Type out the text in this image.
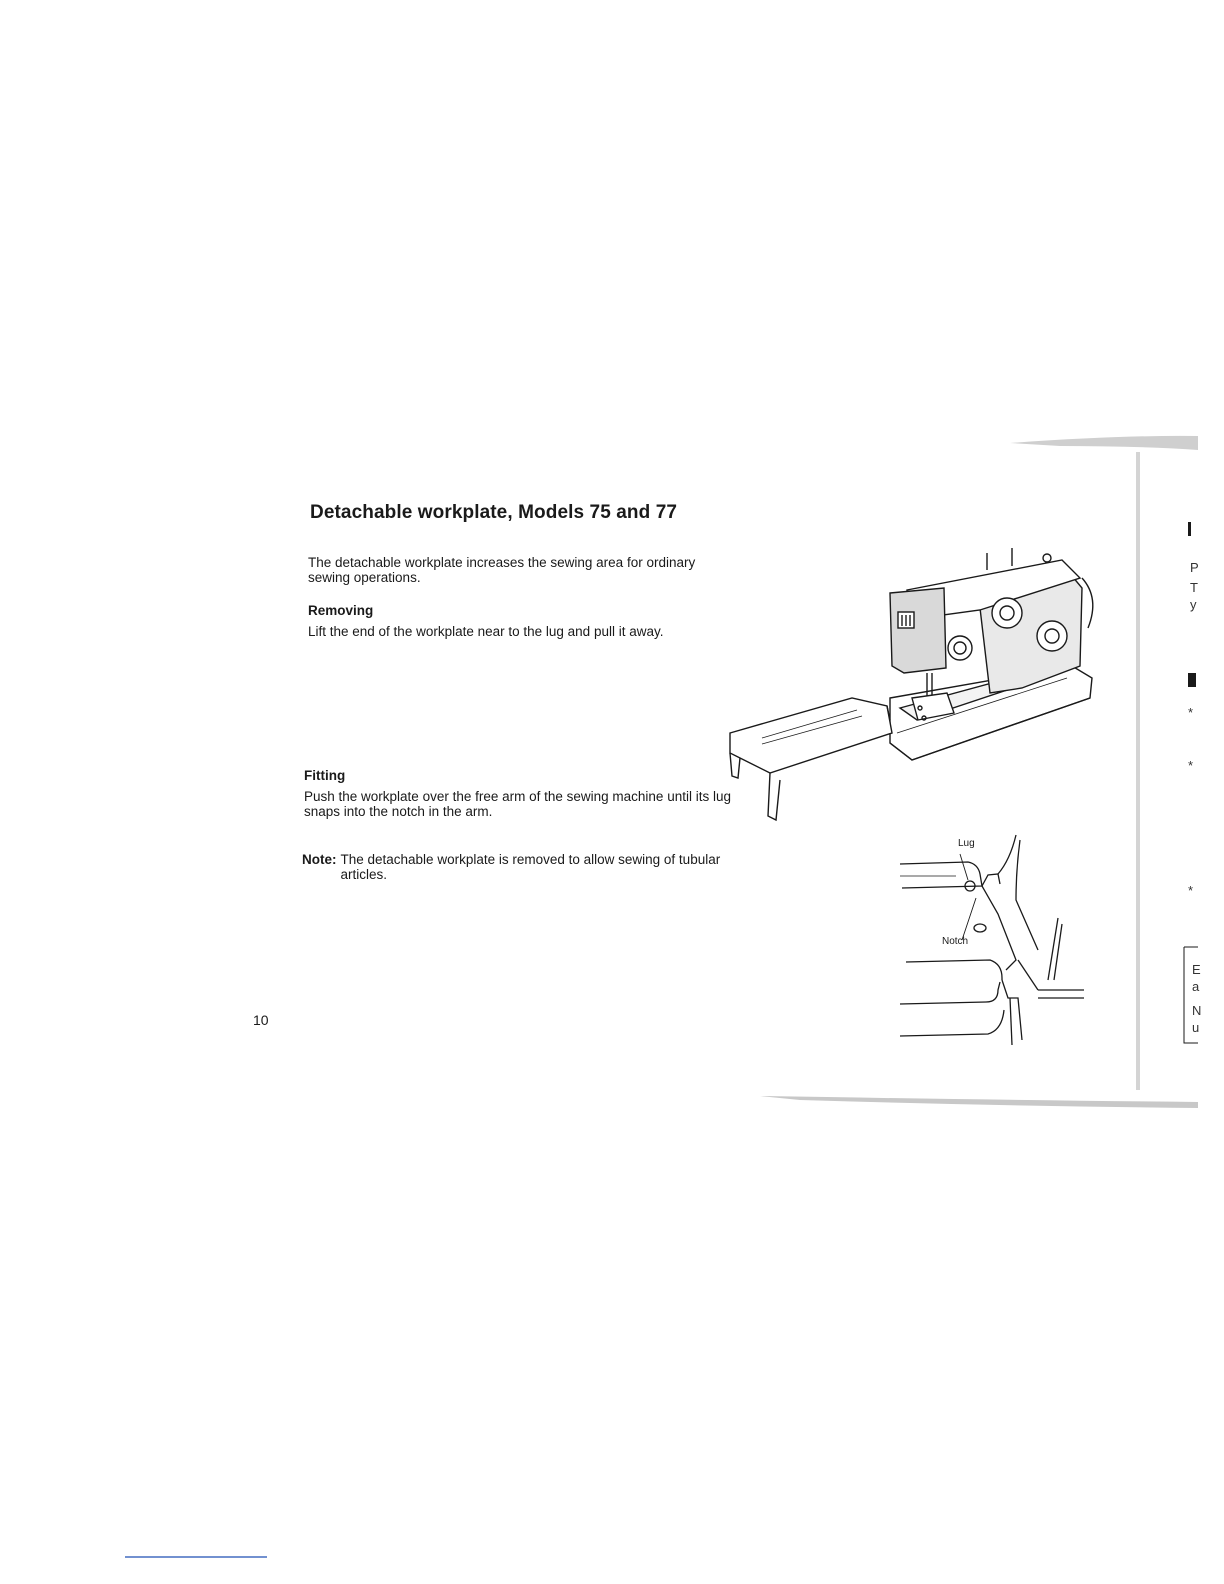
Detachable workplate, Models 75 and 77
The detachable workplate increases the sewing area for ordinary sewing operations.
Removing
Lift the end of the workplate near to the lug and pull it away.
Fitting
Push the workplate over the free arm of the sewing machine until its lug snaps into the notch in the arm.
Note: The detachable workplate is removed to allow sewing of tubular articles.
10
Lug
Notch
P
T
y
*
*
*
E
a
N
u
